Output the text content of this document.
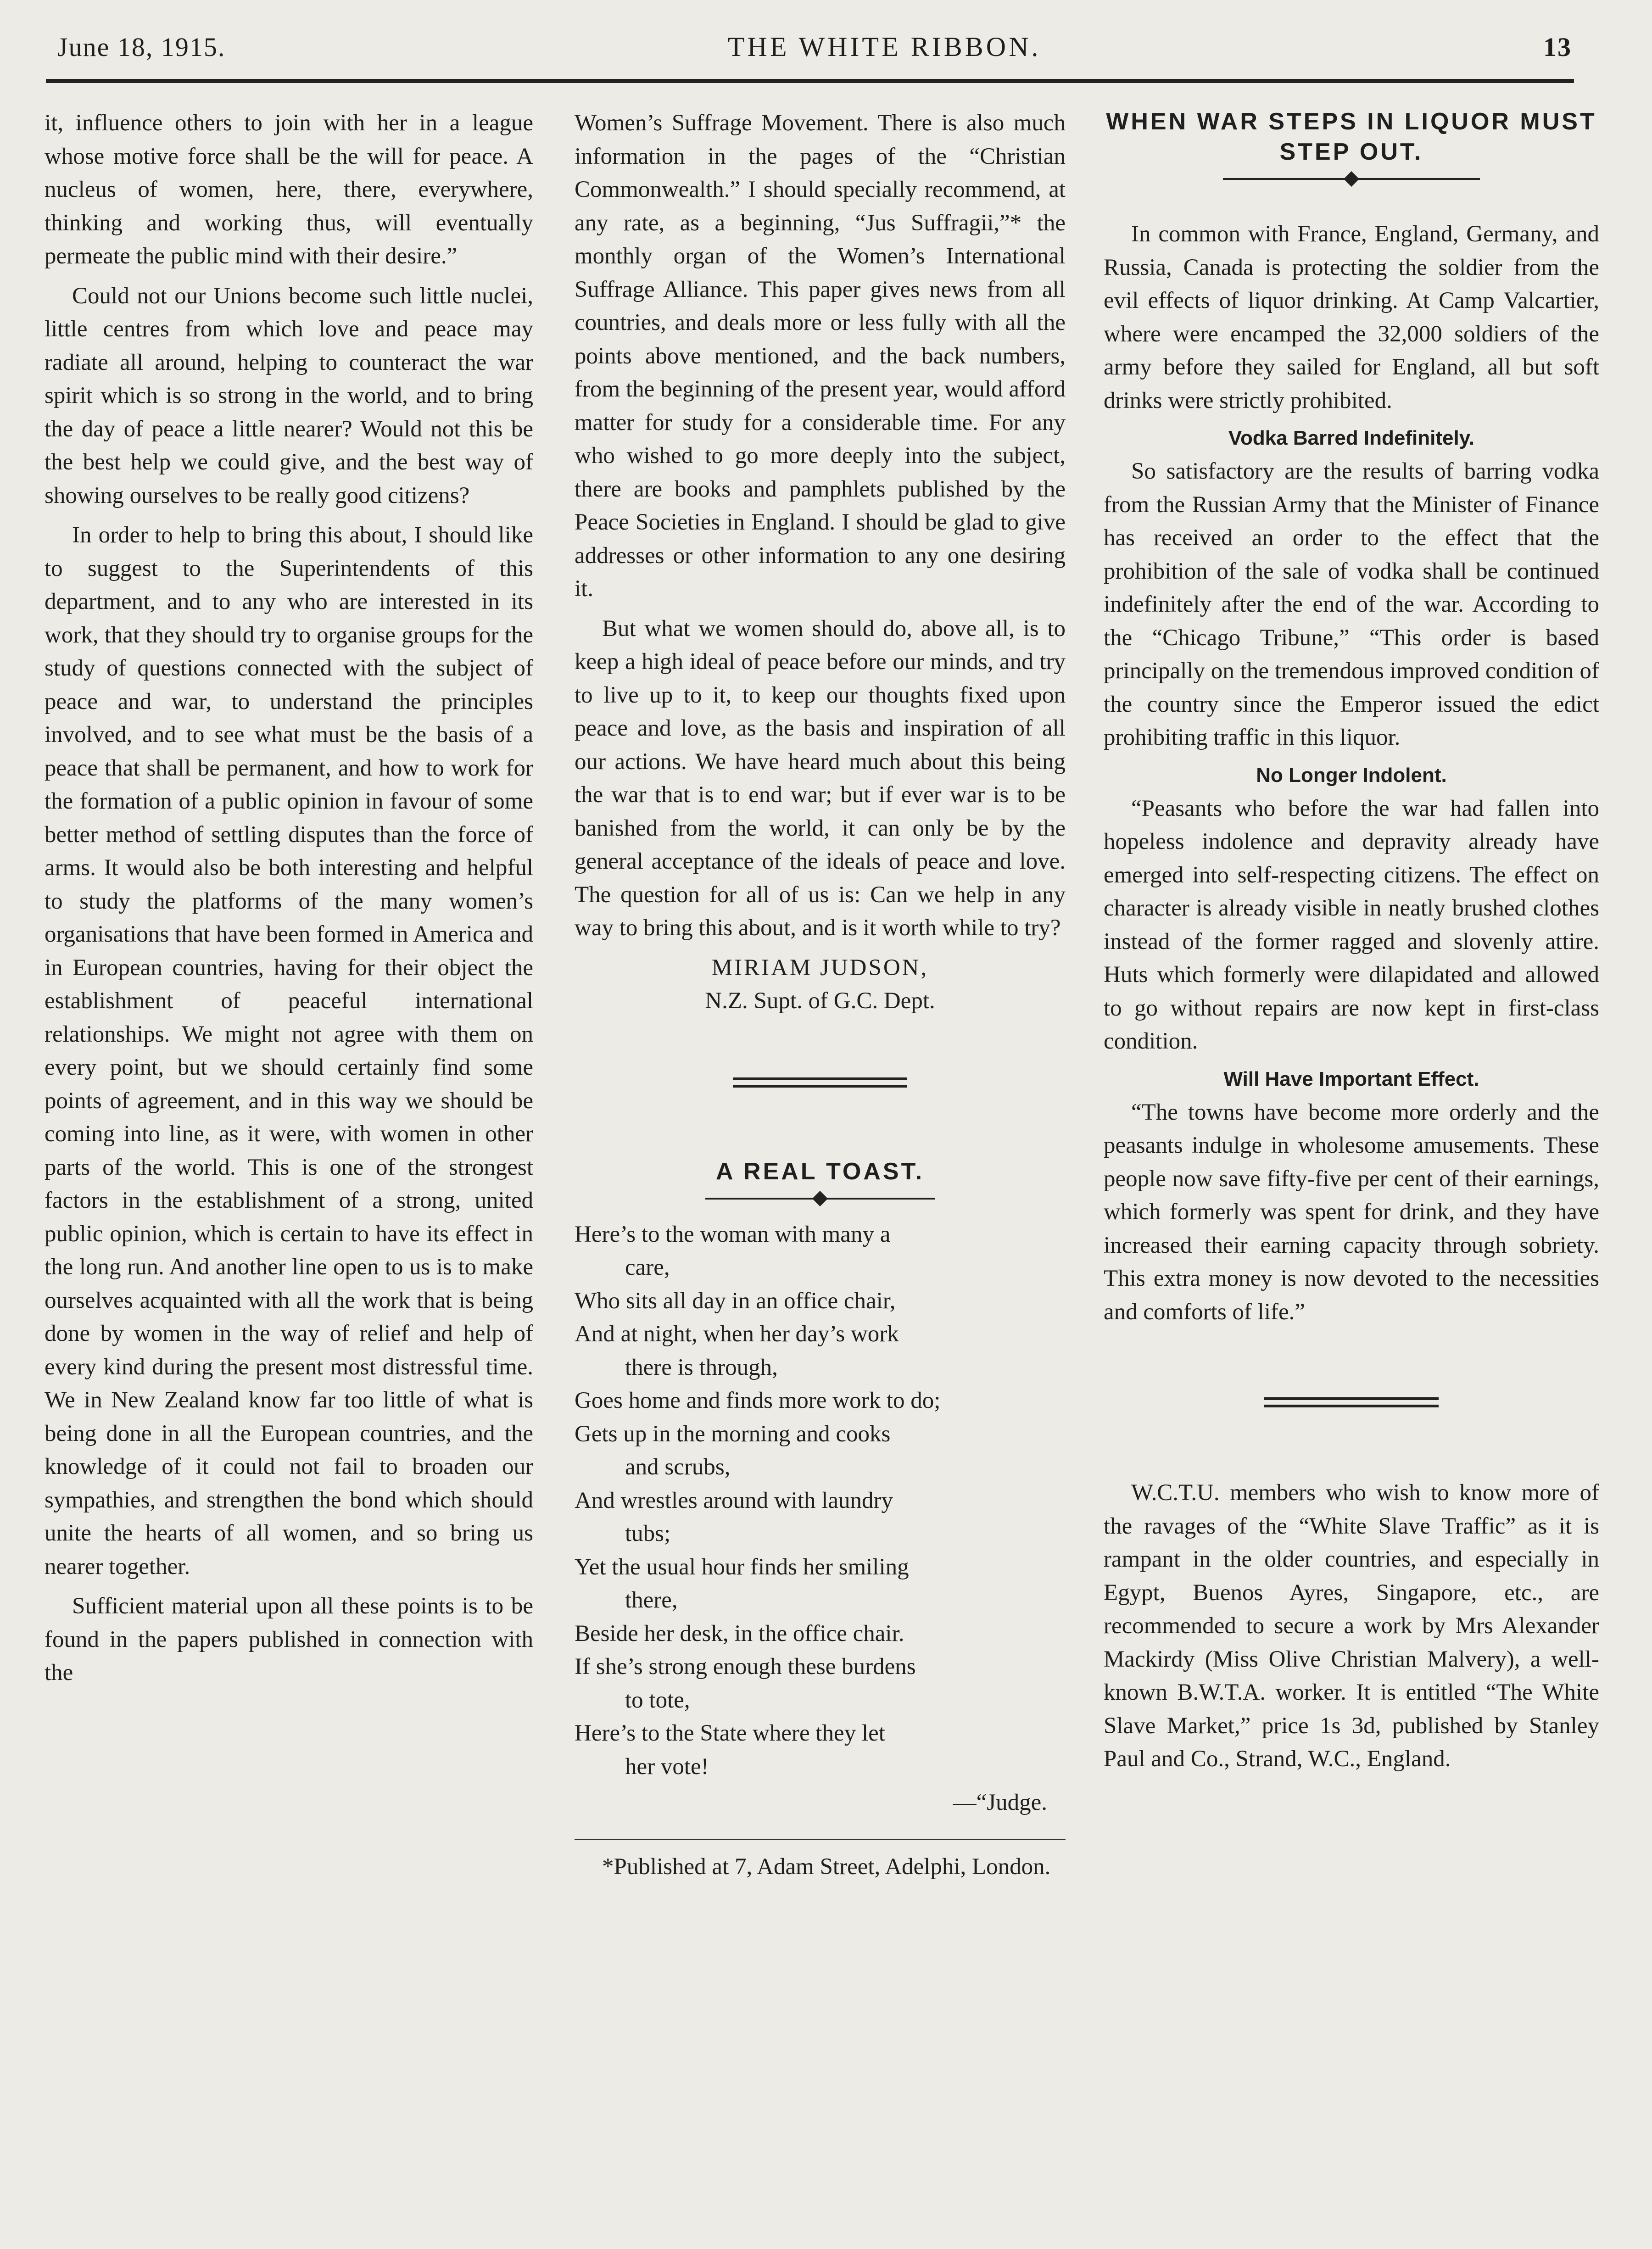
June 18, 1915.	THE WHITE RIBBON.	13

it, influence others to join with her in a league whose motive force shall be the will for peace. A nucleus of women, here, there, everywhere, thinking and working thus, will eventually permeate the public mind with their desire.”

Could not our Unions become such little nuclei, little centres from which love and peace may radiate all around, helping to counteract the war spirit which is so strong in the world, and to bring the day of peace a little nearer? Would not this be the best help we could give, and the best way of showing ourselves to be really good citizens?

In order to help to bring this about, I should like to suggest to the Superintendents of this department, and to any who are interested in its work, that they should try to organise groups for the study of questions connected with the subject of peace and war, to understand the principles involved, and to see what must be the basis of a peace that shall be permanent, and how to work for the formation of a public opinion in favour of some better method of settling disputes than the force of arms. It would also be both interesting and helpful to study the platforms of the many women’s organisations that have been formed in America and in European countries, having for their object the establishment of peaceful international relationships. We might not agree with them on every point, but we should certainly find some points of agreement, and in this way we should be coming into line, as it were, with women in other parts of the world. This is one of the strongest factors in the establishment of a strong, united public opinion, which is certain to have its effect in the long run. And another line open to us is to make ourselves acquainted with all the work that is being done by women in the way of relief and help of every kind during the present most distressful time. We in New Zealand know far too little of what is being done in all the European countries, and the knowledge of it could not fail to broaden our sympathies, and strengthen the bond which should unite the hearts of all women, and so bring us nearer together.

Sufficient material upon all these points is to be found in the papers published in connection with the

Women’s Suffrage Movement. There is also much information in the pages of the “Christian Commonwealth.” I should specially recommend, at any rate, as a beginning, “Jus Suffragii,”* the monthly organ of the Women’s International Suffrage Alliance. This paper gives news from all countries, and deals more or less fully with all the points above mentioned, and the back numbers, from the beginning of the present year, would afford matter for study for a considerable time. For any who wished to go more deeply into the subject, there are books and pamphlets published by the Peace Societies in England. I should be glad to give addresses or other information to any one desiring it.

But what we women should do, above all, is to keep a high ideal of peace before our minds, and try to live up to it, to keep our thoughts fixed upon peace and love, as the basis and inspiration of all our actions. We have heard much about this being the war that is to end war; but if ever war is to be banished from the world, it can only be by the general acceptance of the ideals of peace and love. The question for all of us is: Can we help in any way to bring this about, and is it worth while to try?

MIRIAM JUDSON,

N.Z. Supt. of G.C. Dept.

A REAL TOAST.
Here’s to the woman with many a
care,
Who sits all day in an office chair,
And at night, when her day’s work
there is through,
Goes home and finds more work to do;
Gets up in the morning and cooks
and scrubs,
And wrestles around with laundry
tubs;
Yet the usual hour finds her smiling
there,
Beside her desk, in the office chair.
If she’s strong enough these burdens
to tote,
Here’s to the State where they let
her vote!

—“Judge.

*Published at 7, Adam Street, Adelphi, London.

WHEN WAR STEPS IN LIQUOR MUST STEP OUT.

In common with France, England, Germany, and Russia, Canada is protecting the soldier from the evil effects of liquor drinking. At Camp Valcartier, where were encamped the 32,000 soldiers of the army before they sailed for England, all but soft drinks were strictly prohibited.

Vodka Barred Indefinitely.

So satisfactory are the results of barring vodka from the Russian Army that the Minister of Finance has received an order to the effect that the prohibition of the sale of vodka shall be continued indefinitely after the end of the war. According to the “Chicago Tribune,” “This order is based principally on the tremendous improved condition of the country since the Emperor issued the edict prohibiting traffic in this liquor.

No Longer Indolent.

“Peasants who before the war had fallen into hopeless indolence and depravity already have emerged into self-respecting citizens. The effect on character is already visible in neatly brushed clothes instead of the former ragged and slovenly attire. Huts which formerly were dilapidated and allowed to go without repairs are now kept in first-class condition.

Will Have Important Effect.

“The towns have become more orderly and the peasants indulge in wholesome amusements. These people now save fifty-five per cent of their earnings, which formerly was spent for drink, and they have increased their earning capacity through sobriety. This extra money is now devoted to the necessities and comforts of life.”

W.C.T.U. members who wish to know more of the ravages of the “White Slave Traffic” as it is rampant in the older countries, and especially in Egypt, Buenos Ayres, Singapore, etc., are recommended to secure a work by Mrs Alexander Mackirdy (Miss Olive Christian Malvery), a well-known B.W.T.A. worker. It is entitled “The White Slave Market,” price 1s 3d, published by Stanley Paul and Co., Strand, W.C., England.
